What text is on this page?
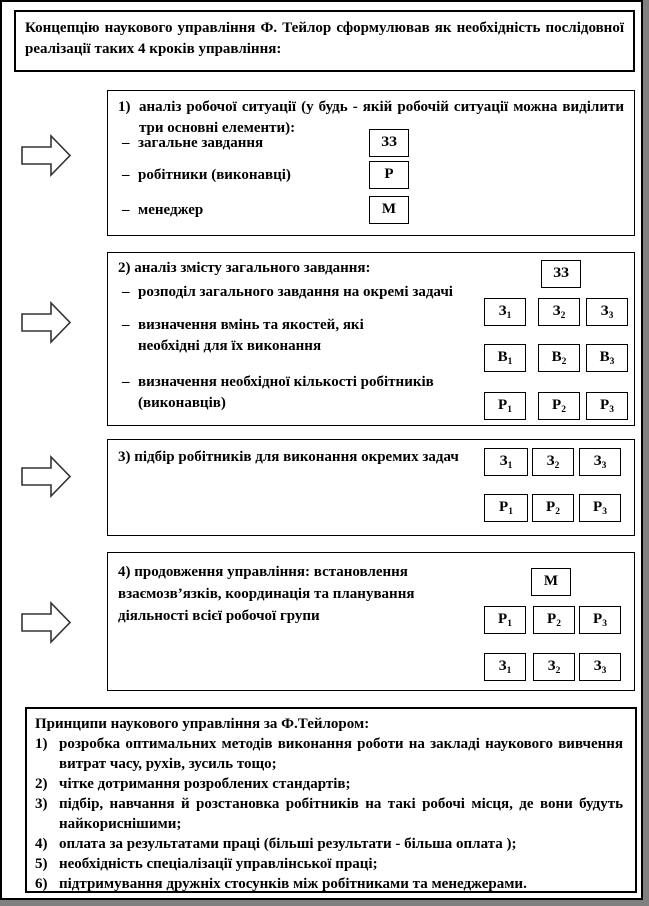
Концепцію наукового управління Ф. Тейлор сформулював як необхідність послідовної реалізації таких 4 кроків управління:
1) аналіз робочої ситуації (у будь - якій робочій ситуації можна виділити три основні елементи):
– загальне завдання
– робітники (виконавці)
– менеджер
ЗЗ
Р
М
2) аналіз змісту загального завдання:
– розподіл загального завдання на окремі задачі
– визначення вмінь та якостей, які необхідні для їх виконання
– визначення необхідної кількості робітників (виконавців)
ЗЗ
$З_1$	$З_2$	$З_3$
$В_1$	$В_2$	$В_3$
$Р_1$	$Р_2$	$Р_3$
3) підбір робітників для виконання окремих задач	$З_1$	$З_2$	$З_3$
$Р_1$	$Р_2$	$Р_3$
4) продовження управління: встановлення взаємозв’язків, координація та планування діяльності всієї робочої групи
М
$Р_1$	$Р_2$	$Р_3$
$З_1$	$З_2$	$З_3$
Принципи наукового управління за Ф.Тейлором:
1) розробка оптимальних методів виконання роботи на закладі наукового вивчення витрат часу, рухів, зусиль тощо;
2) чітке дотримання розроблених стандартів;
3) підбір, навчання й розстановка робітників на такі робочі місця, де вони будуть найкориснішими;
4) оплата за результатами праці (більші результати - більша оплата );
5) необхідність спеціалізації управлінської праці;
6) підтримування дружніх стосунків між робітниками та менеджерами.
